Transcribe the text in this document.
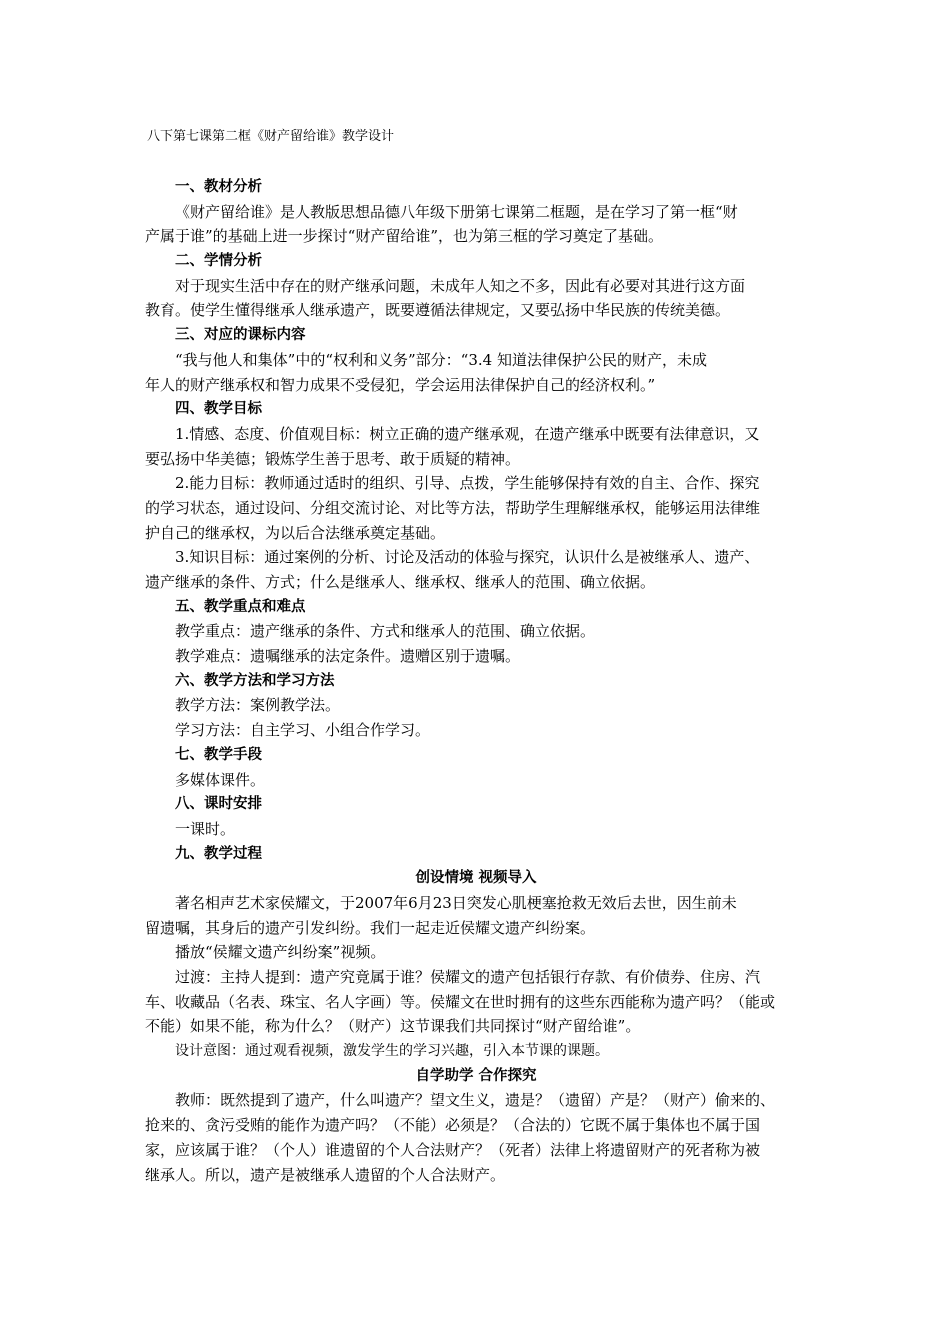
八下第七课第二框《财产留给谁》教学设计
一、教材分析
《财产留给谁》是人教版思想品德八年级下册第七课第二框题，是在学习了第一框“财
产属于谁”的基础上进一步探讨“财产留给谁”，也为第三框的学习奠定了基础。
二、学情分析
对于现实生活中存在的财产继承问题，未成年人知之不多，因此有必要对其进行这方面
教育。使学生懂得继承人继承遗产，既要遵循法律规定，又要弘扬中华民族的传统美德。
三、对应的课标内容
“我与他人和集体”中的“权利和义务”部分：“3.4 知道法律保护公民的财产，未成
年人的财产继承权和智力成果不受侵犯，学会运用法律保护自己的经济权利。”
四、教学目标
1.情感、态度、价值观目标：树立正确的遗产继承观，在遗产继承中既要有法律意识，又
要弘扬中华美德；锻炼学生善于思考、敢于质疑的精神。
2.能力目标：教师通过适时的组织、引导、点拨，学生能够保持有效的自主、合作、探究
的学习状态，通过设问、分组交流讨论、对比等方法，帮助学生理解继承权，能够运用法律维
护自己的继承权，为以后合法继承奠定基础。
3.知识目标：通过案例的分析、讨论及活动的体验与探究，认识什么是被继承人、遗产、
遗产继承的条件、方式；什么是继承人、继承权、继承人的范围、确立依据。
五、教学重点和难点
教学重点：遗产继承的条件、方式和继承人的范围、确立依据。
教学难点：遗嘱继承的法定条件。遗赠区别于遗嘱。
六、教学方法和学习方法
教学方法：案例教学法。
学习方法：自主学习、小组合作学习。
七、教学手段
多媒体课件。
八、课时安排
一课时。
九、教学过程
创设情境 视频导入
著名相声艺术家侯耀文，于2007年6月23日突发心肌梗塞抢救无效后去世，因生前未
留遗嘱，其身后的遗产引发纠纷。我们一起走近侯耀文遗产纠纷案。
播放“侯耀文遗产纠纷案”视频。
过渡：主持人提到：遗产究竟属于谁？侯耀文的遗产包括银行存款、有价债券、住房、汽
车、收藏品（名表、珠宝、名人字画）等。侯耀文在世时拥有的这些东西能称为遗产吗？（能或
不能）如果不能，称为什么？（财产）这节课我们共同探讨“财产留给谁”。
设计意图：通过观看视频，激发学生的学习兴趣，引入本节课的课题。
自学助学 合作探究
教师：既然提到了遗产，什么叫遗产？望文生义，遗是？（遗留）产是？（财产）偷来的、
抢来的、贪污受贿的能作为遗产吗？（不能）必须是？（合法的）它既不属于集体也不属于国
家，应该属于谁？（个人）谁遗留的个人合法财产？（死者）法律上将遗留财产的死者称为被
继承人。所以，遗产是被继承人遗留的个人合法财产。
